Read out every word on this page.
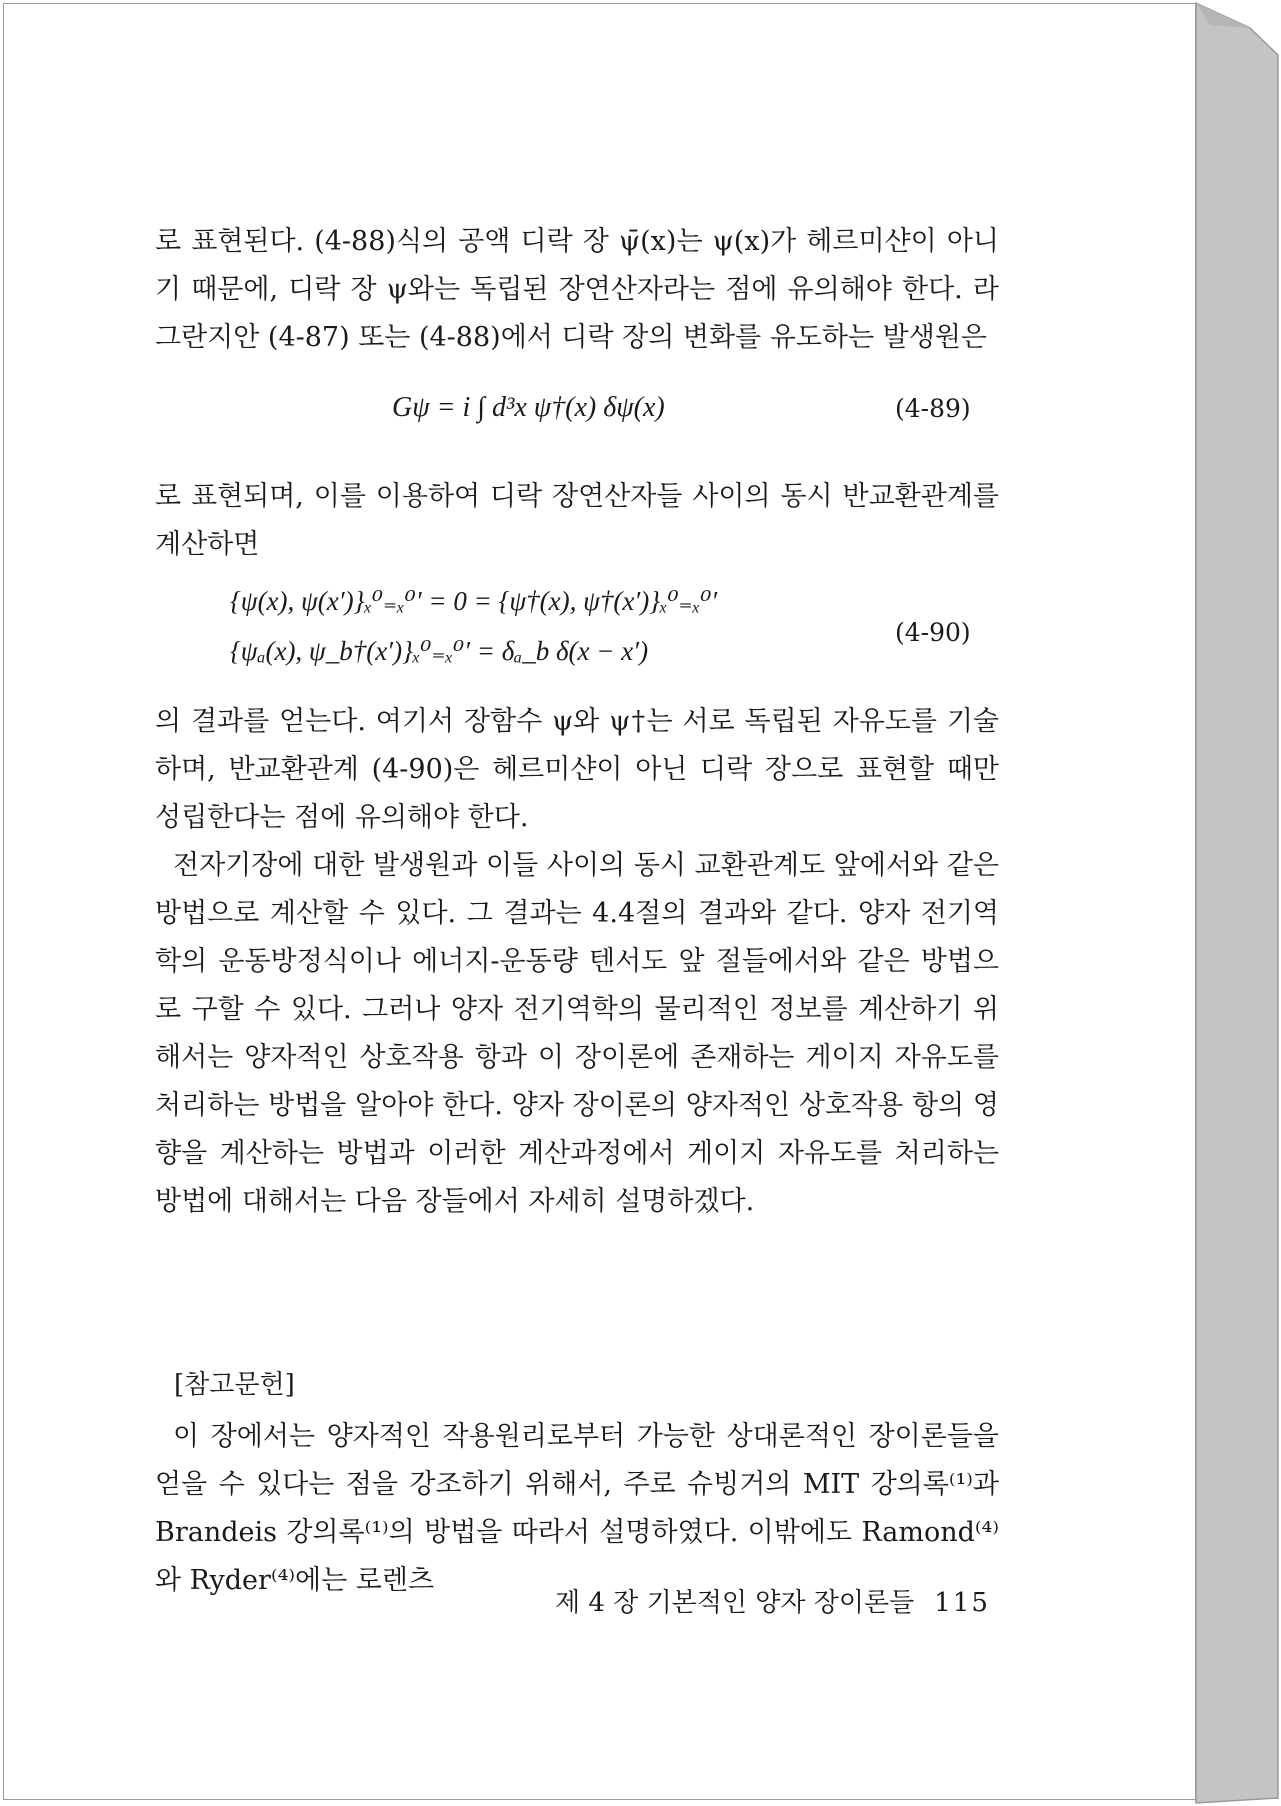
로 표현된다. (4-88)식의 공액 디락 장 ψ̄(x)는 ψ(x)가 헤르미샨이 아니기 때문에, 디락 장 ψ와는 독립된 장연산자라는 점에 유의해야 한다. 라그란지안 (4-87) 또는 (4-88)에서 디락 장의 변화를 유도하는 발생원은

Gψ = i ∫ d³x ψ†(x) δψ(x)	(4-89)

로 표현되며, 이를 이용하여 디락 장연산자들 사이의 동시 반교환관계를 계산하면

{ψ(x), ψ(x′)}ₓ⁰₌ₓ⁰′ = 0 = {ψ†(x), ψ†(x′)}ₓ⁰₌ₓ⁰′
{ψₐ(x), ψ_b†(x′)}ₓ⁰₌ₓ⁰′ = δₐ_b δ(x − x′)
(4-90)

의 결과를 얻는다. 여기서 장함수 ψ와 ψ†는 서로 독립된 자유도를 기술하며, 반교환관계 (4-90)은 헤르미샨이 아닌 디락 장으로 표현할 때만 성립한다는 점에 유의해야 한다.

전자기장에 대한 발생원과 이들 사이의 동시 교환관계도 앞에서와 같은 방법으로 계산할 수 있다. 그 결과는 4.4절의 결과와 같다. 양자 전기역학의 운동방정식이나 에너지-운동량 텐서도 앞 절들에서와 같은 방법으로 구할 수 있다. 그러나 양자 전기역학의 물리적인 정보를 계산하기 위해서는 양자적인 상호작용 항과 이 장이론에 존재하는 게이지 자유도를 처리하는 방법을 알아야 한다. 양자 장이론의 양자적인 상호작용 항의 영향을 계산하는 방법과 이러한 계산과정에서 게이지 자유도를 처리하는 방법에 대해서는 다음 장들에서 자세히 설명하겠다.

[참고문헌]

이 장에서는 양자적인 작용원리로부터 가능한 상대론적인 장이론들을 얻을 수 있다는 점을 강조하기 위해서, 주로 슈빙거의 MIT 강의록⁽¹⁾과 Brandeis 강의록⁽¹⁾의 방법을 따라서 설명하였다. 이밖에도 Ramond⁽⁴⁾와 Ryder⁽⁴⁾에는 로렌츠

제 4 장 기본적인 양자 장이론들 115
